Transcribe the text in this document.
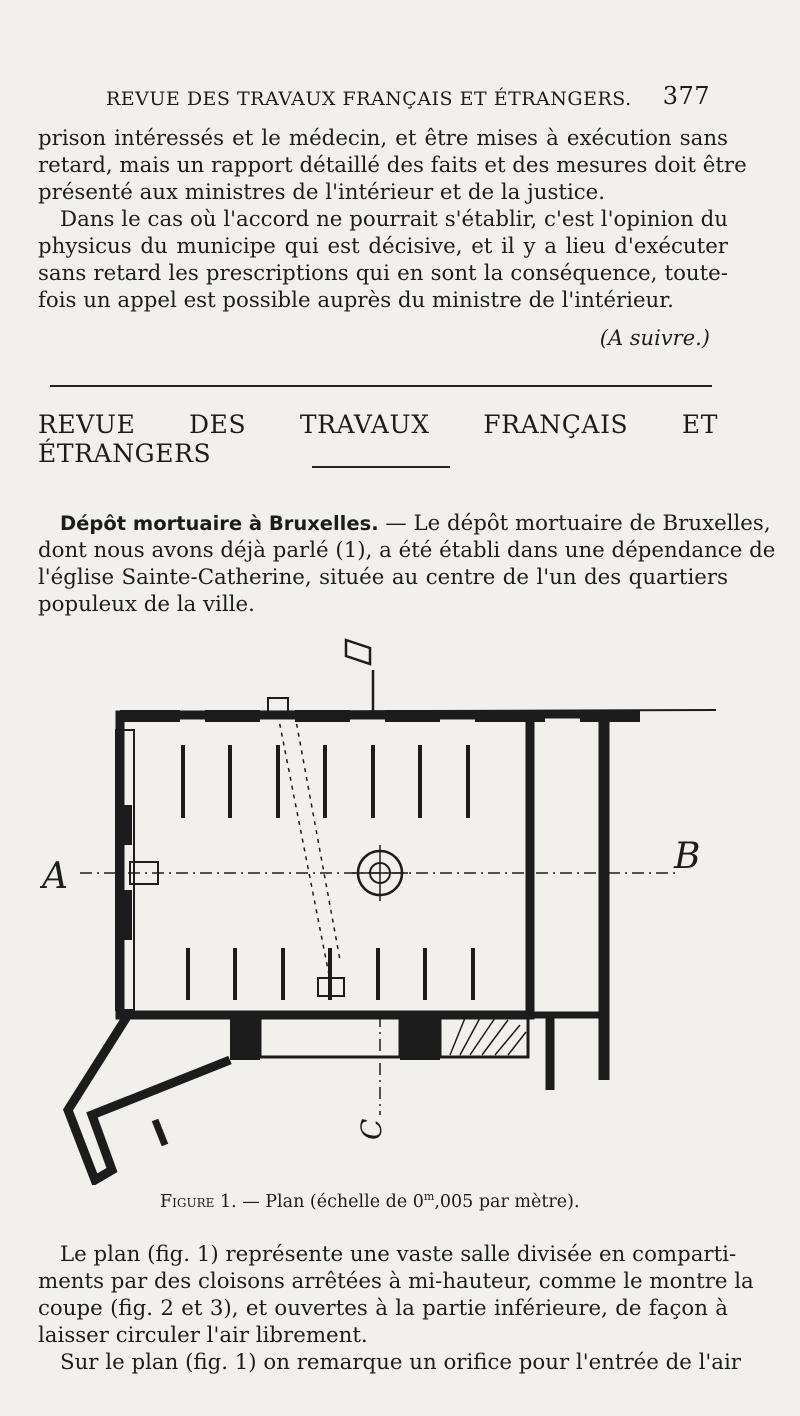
REVUE DES TRAVAUX FRANÇAIS ET ÉTRANGERS. 377
prison intéressés et le médecin, et être mises à exécution sans
retard, mais un rapport détaillé des faits et des mesures doit être
présenté aux ministres de l'intérieur et de la justice.
Dans le cas où l'accord ne pourrait s'établir, c'est l'opinion du
physicus du municipe qui est décisive, et il y a lieu d'exécuter
sans retard les prescriptions qui en sont la conséquence, toute-
fois un appel est possible auprès du ministre de l'intérieur.
(A suivre.)
REVUE DES TRAVAUX FRANÇAIS ET ÉTRANGERS
Dépôt mortuaire à Bruxelles. — Le dépôt mortuaire de Bruxelles,
dont nous avons déjà parlé (1), a été établi dans une dépendance de
l'église Sainte-Catherine, située au centre de l'un des quartiers
populeux de la ville.
A	B
C
Figure 1. — Plan (échelle de 0$^m$,005 par mètre).
Le plan (fig. 1) représente une vaste salle divisée en comparti-
ments par des cloisons arrêtées à mi-hauteur, comme le montre la
coupe (fig. 2 et 3), et ouvertes à la partie inférieure, de façon à
laisser circuler l'air librement.
Sur le plan (fig. 1) on remarque un orifice pour l'entrée de l'air
